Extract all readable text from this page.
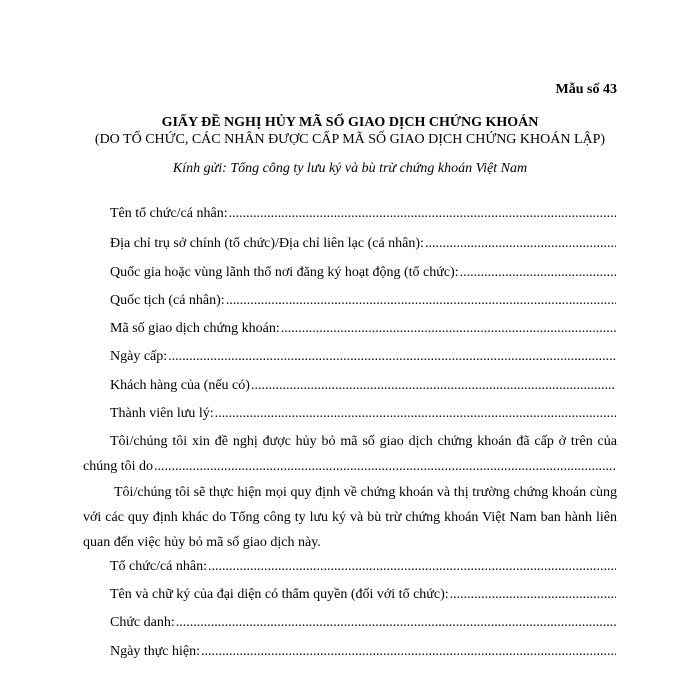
Mẫu số 43
GIẤY ĐỀ NGHỊ HỦY MÃ SỐ GIAO DỊCH CHỨNG KHOÁN
(DO TỔ CHỨC, CÁC NHÂN ĐƯỢC CẤP MÃ SỐ GIAO DỊCH CHỨNG KHOÁN LẬP)
Kính gửi: Tổng công ty lưu ký và bù trừ chứng khoán Việt Nam
Tên tổ chức/cá nhân:
.....
Địa chỉ trụ sở chính (tổ chức)/Địa chỉ liên lạc (cá nhân):
.....
Quốc gia hoặc vùng lãnh thổ nơi đăng ký hoạt động (tổ chức):
.....
Quốc tịch (cá nhân):
.....
Mã số giao dịch chứng khoán:
.....
Ngày cấp:
.....
Khách hàng của (nếu có)
.....
Thành viên lưu lý:
.....
Tôi/chúng tôi xin đề nghị được hủy bỏ mã số giao dịch chứng khoán đã cấp ở trên của
chúng tôi do
.....
Tôi/chúng tôi sẽ thực hiện mọi quy định về chứng khoán và thị trường chứng khoán cùng
với các quy định khác do Tổng công ty lưu ký và bù trừ chứng khoán Việt Nam ban hành liên
quan đến việc hủy bỏ mã số giao dịch này.
Tổ chức/cá nhân:
.....
Tên và chữ ký của đại diện có thẩm quyền (đối với tổ chức):
.....
Chức danh:
.....
Ngày thực hiện:
.....
